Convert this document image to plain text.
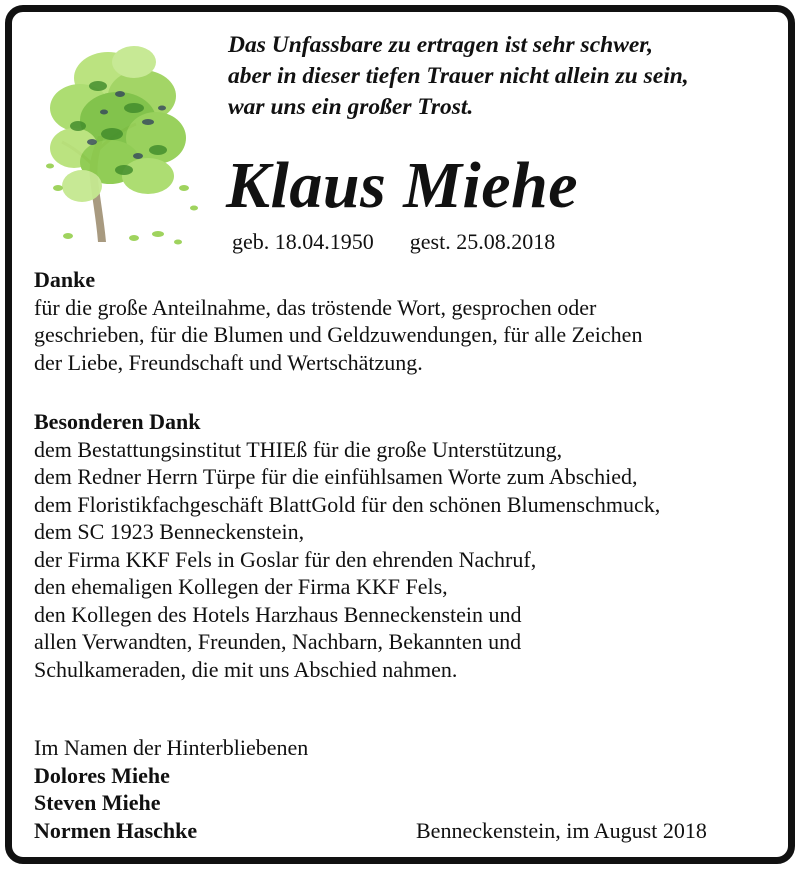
Das Unfassbare zu ertragen ist sehr schwer,
aber in dieser tiefen Trauer nicht allein zu sein,
war uns ein großer Trost.
Klaus Miehe
geb. 18.04.1950 gest. 25.08.2018
Danke
für die große Anteilnahme, das tröstende Wort, gesprochen oder
geschrieben, für die Blumen und Geldzuwendungen, für alle Zeichen
der Liebe, Freundschaft und Wertschätzung.
Besonderen Dank
dem Bestattungsinstitut THIEß für die große Unterstützung,
dem Redner Herrn Türpe für die einfühlsamen Worte zum Abschied,
dem Floristikfachgeschäft BlattGold für den schönen Blumenschmuck,
dem SC 1923 Benneckenstein,
der Firma KKF Fels in Goslar für den ehrenden Nachruf,
den ehemaligen Kollegen der Firma KKF Fels,
den Kollegen des Hotels Harzhaus Benneckenstein und
allen Verwandten, Freunden, Nachbarn, Bekannten und
Schulkameraden, die mit uns Abschied nahmen.
Im Namen der Hinterbliebenen
Dolores Miehe
Steven Miehe
Normen Haschke	Benneckenstein, im August 2018
